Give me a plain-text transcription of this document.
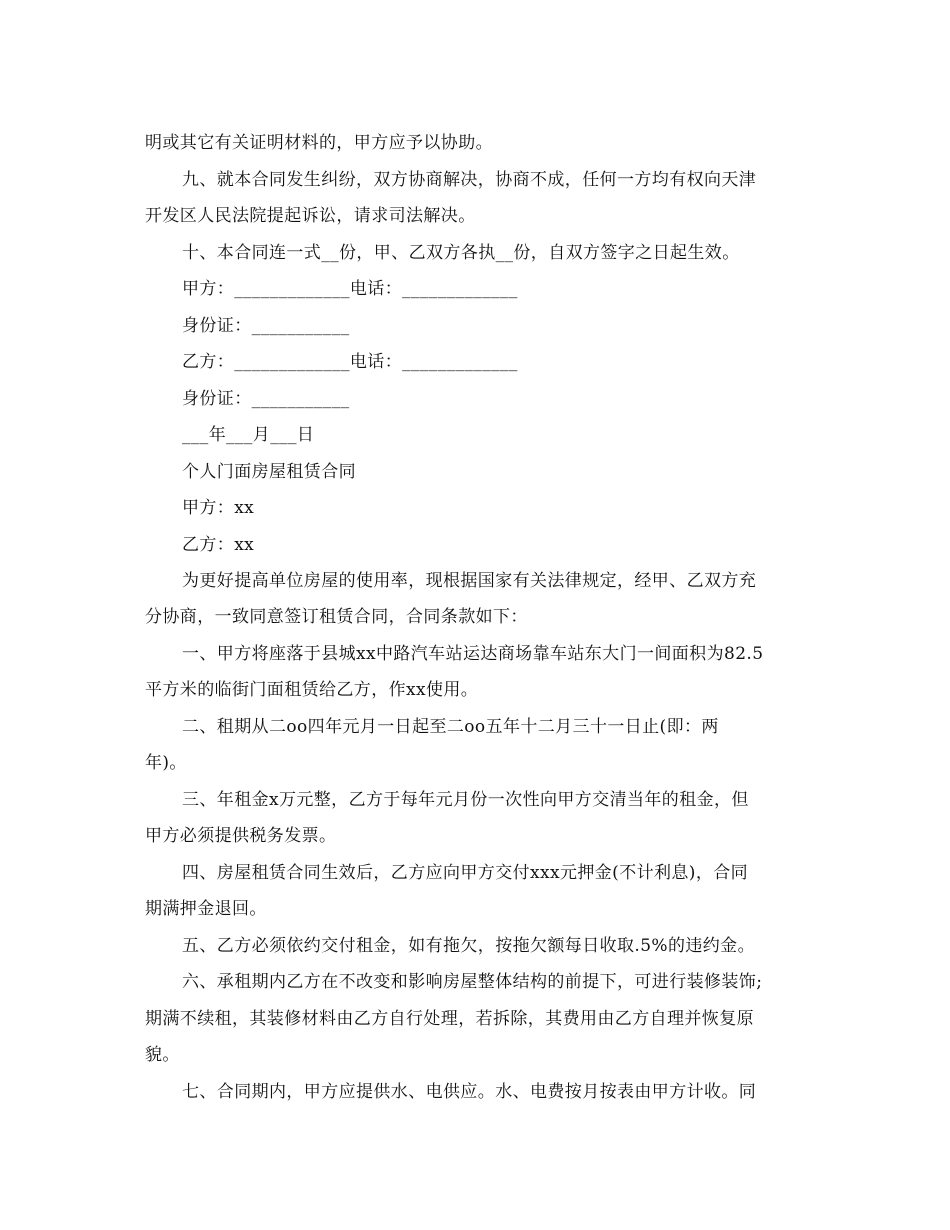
明或其它有关证明材料的，甲方应予以协助。
九、就本合同发生纠纷，双方协商解决，协商不成，任何一方均有权向天津
开发区人民法院提起诉讼，请求司法解决。
十、本合同连一式__份，甲、乙双方各执__份，自双方签字之日起生效。
甲方：_____________电话：_____________
身份证：___________
乙方：_____________电话：_____________
身份证：___________
___年___月___日
个人门面房屋租赁合同
甲方：xx
乙方：xx
为更好提高单位房屋的使用率，现根据国家有关法律规定，经甲、乙双方充
分协商，一致同意签订租赁合同，合同条款如下：
一、甲方将座落于县城xx中路汽车站运达商场靠车站东大门一间面积为82.5
平方米的临街门面租赁给乙方，作xx使用。
二、租期从二oo四年元月一日起至二oo五年十二月三十一日止(即：两
年)。
三、年租金x万元整，乙方于每年元月份一次性向甲方交清当年的租金，但
甲方必须提供税务发票。
四、房屋租赁合同生效后，乙方应向甲方交付xxx元押金(不计利息)，合同
期满押金退回。
五、乙方必须依约交付租金，如有拖欠，按拖欠额每日收取.5%的违约金。
六、承租期内乙方在不改变和影响房屋整体结构的前提下，可进行装修装饰;
期满不续租，其装修材料由乙方自行处理，若拆除，其费用由乙方自理并恢复原
貌。
七、合同期内，甲方应提供水、电供应。水、电费按月按表由甲方计收。同
